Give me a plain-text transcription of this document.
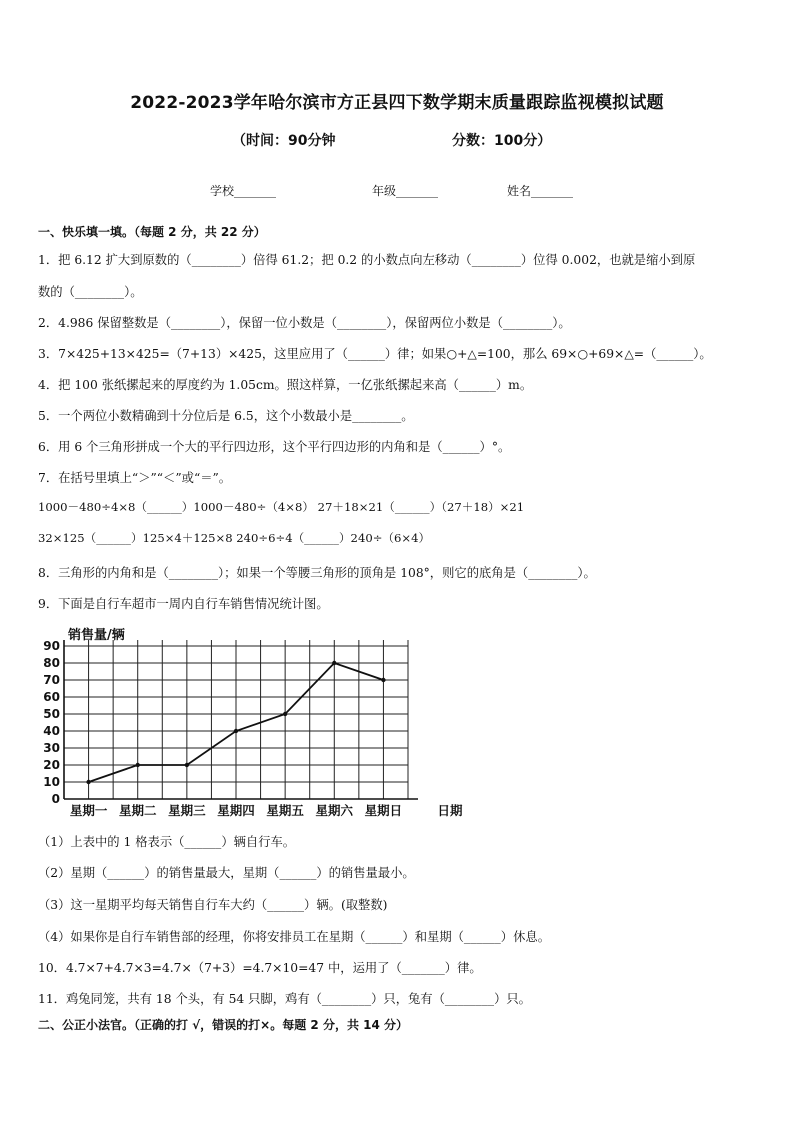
2022-2023学年哈尔滨市方正县四下数学期末质量跟踪监视模拟试题
（时间：90分钟	分数：100分）
学校_______	年级_______	姓名_______
一、快乐填一填。（每题 2 分，共 22 分）
1．把 6.12 扩大到原数的（________）倍得 61.2；把 0.2 的小数点向左移动（________）位得 0.002，也就是缩小到原
数的（________）。
2．4.986 保留整数是（________），保留一位小数是（________），保留两位小数是（________）。
3．7×425+13×425=（7+13）×425，这里应用了（______）律；如果○+△=100，那么 69×○+69×△=（______）。
4．把 100 张纸摞起来的厚度约为 1.05cm。照这样算，一亿张纸摞起来高（______）m。
5．一个两位小数精确到十分位后是 6.5，这个小数最小是________。
6．用 6 个三角形拼成一个大的平行四边形，这个平行四边形的内角和是（______）°。
7．在括号里填上“＞”“＜”或“＝”。
1000－480÷4×8（______）1000－480÷（4×8） 27＋18×21（______）（27＋18）×21
32×125（______）125×4＋125×8 240÷6÷4（______）240÷（6×4）
8．三角形的内角和是（________）；如果一个等腰三角形的顶角是 108°，则它的底角是（________）。
9．下面是自行车超市一周内自行车销售情况统计图。
0
10
20
30
40
50
60
70
80
90
销售量/辆
星期一 星期二 星期三 星期四 星期五 星期六 星期日	日期
（1）上表中的 1 格表示（______）辆自行车。
（2）星期（______）的销售量最大，星期（______）的销售量最小。
（3）这一星期平均每天销售自行车大约（______）辆。(取整数)
（4）如果你是自行车销售部的经理，你将安排员工在星期（______）和星期（______）休息。
10．4.7×7+4.7×3=4.7×（7+3）=4.7×10=47 中，运用了（_______）律。
11．鸡兔同笼，共有 18 个头，有 54 只脚，鸡有（________）只，兔有（________）只。
二、公正小法官。（正确的打 √，错误的打×。每题 2 分，共 14 分）
